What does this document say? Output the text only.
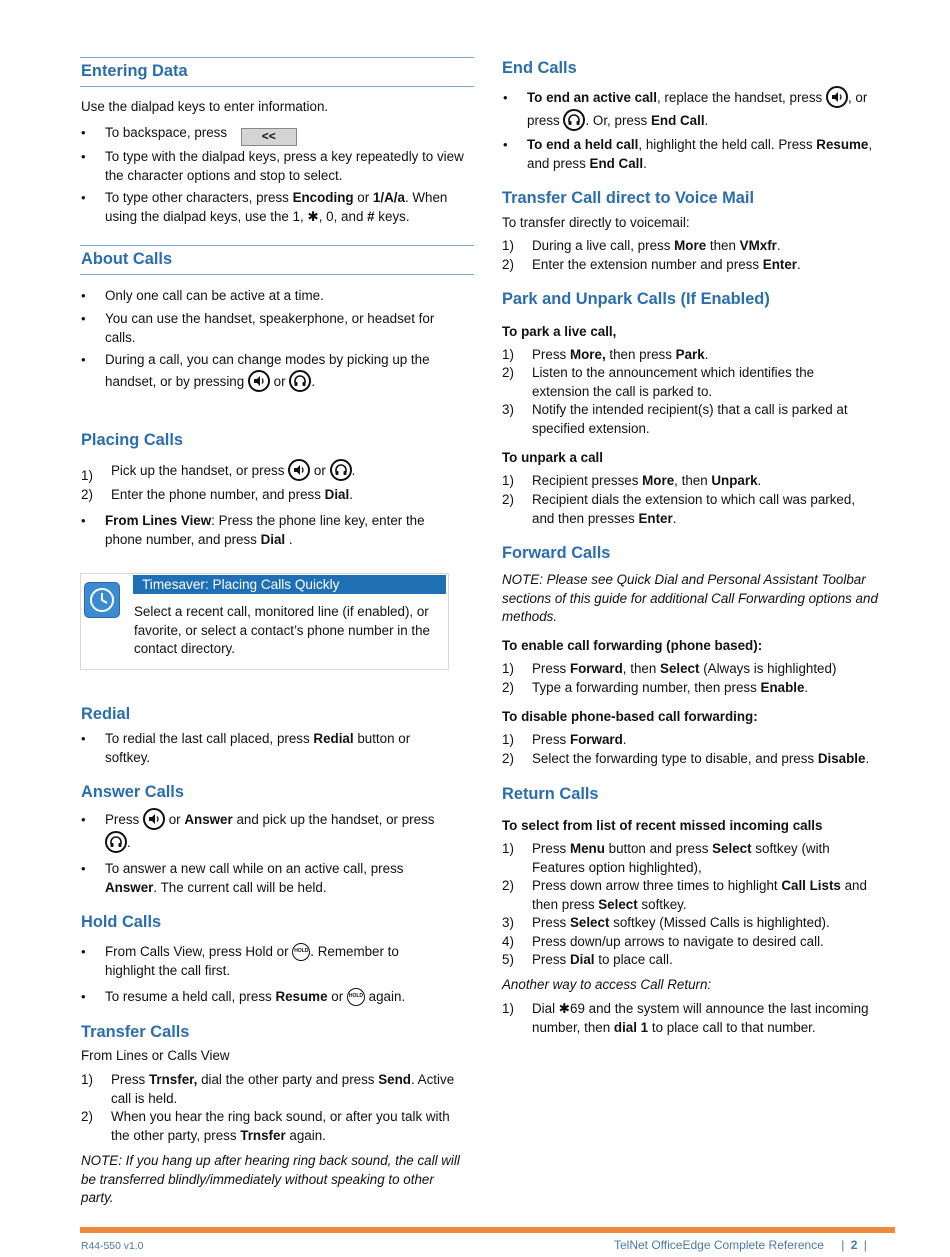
Entering Data

Use the dialpad keys to enter information.

• To backspace, press	<<
• To type with the dialpad keys, press a key repeatedly to view the character options and stop to select.
• To type other characters, press Encoding or 1/A/a. When using the dialpad keys, use the 1, ✱, 0, and # keys.
About Calls
• Only one call can be active at a time.
• You can use the handset, speakerphone, or headset for calls.
• During a call, you can change modes by picking up the handset, or by pressing or .
Placing Calls
1) Pick up the handset, or press or .
2) Enter the phone number, and press Dial.
• From Lines View: Press the phone line key, enter the phone number, and press Dial .
Timesaver: Placing Calls Quickly

Select a recent call, monitored line (if enabled), or favorite, or select a contact’s phone number in the contact directory.

Redial
• To redial the last call placed, press Redial button or softkey.
Answer Calls
• Press or Answer and pick up the handset, or press
.
• To answer a new call while on an active call, press Answer. The current call will be held.
Hold Calls
• From Calls View, press Hold or HOLD . Remember to highlight the call first.
• To resume a held call, press Resume or HOLD again.
Transfer Calls

From Lines or Calls View

1) Press Trnsfer, dial the other party and press Send. Active call is held.
2) When you hear the ring back sound, or after you talk with the other party, press Trnsfer again.

NOTE: If you hang up after hearing ring back sound, the call will be transferred blindly/immediately without speaking to other party.

End Calls
• To end an active call, replace the handset, press , or press . Or, press End Call.
• To end a held call, highlight the held call. Press Resume, and press End Call.
Transfer Call direct to Voice Mail

To transfer directly to voicemail:

1) During a live call, press More then VMxfr.
2) Enter the extension number and press Enter.
Park and Unpark Calls (If Enabled)

To park a live call,

1) Press More, then press Park.
2) Listen to the announcement which identifies the extension the call is parked to.
3) Notify the intended recipient(s) that a call is parked at specified extension.

To unpark a call

1) Recipient presses More, then Unpark.
2) Recipient dials the extension to which call was parked, and then presses Enter.
Forward Calls

NOTE: Please see Quick Dial and Personal Assistant Toolbar sections of this guide for additional Call Forwarding options and methods.

To enable call forwarding (phone based):

1) Press Forward, then Select (Always is highlighted)
2) Type a forwarding number, then press Enable.

To disable phone-based call forwarding:

1) Press Forward.
2) Select the forwarding type to disable, and press Disable.
Return Calls

To select from list of recent missed incoming calls

1) Press Menu button and press Select softkey (with Features option highlighted),
2) Press down arrow three times to highlight Call Lists and then press Select softkey.
3) Press Select softkey (Missed Calls is highlighted).
4) Press down/up arrows to navigate to desired call.
5) Press Dial to place call.

Another way to access Call Return:

1) Dial ✱69 and the system will announce the last incoming number, then dial 1 to place call to that number.
R44-550 v1.0	TelNet OfficeEdge Complete Reference | 2 |
